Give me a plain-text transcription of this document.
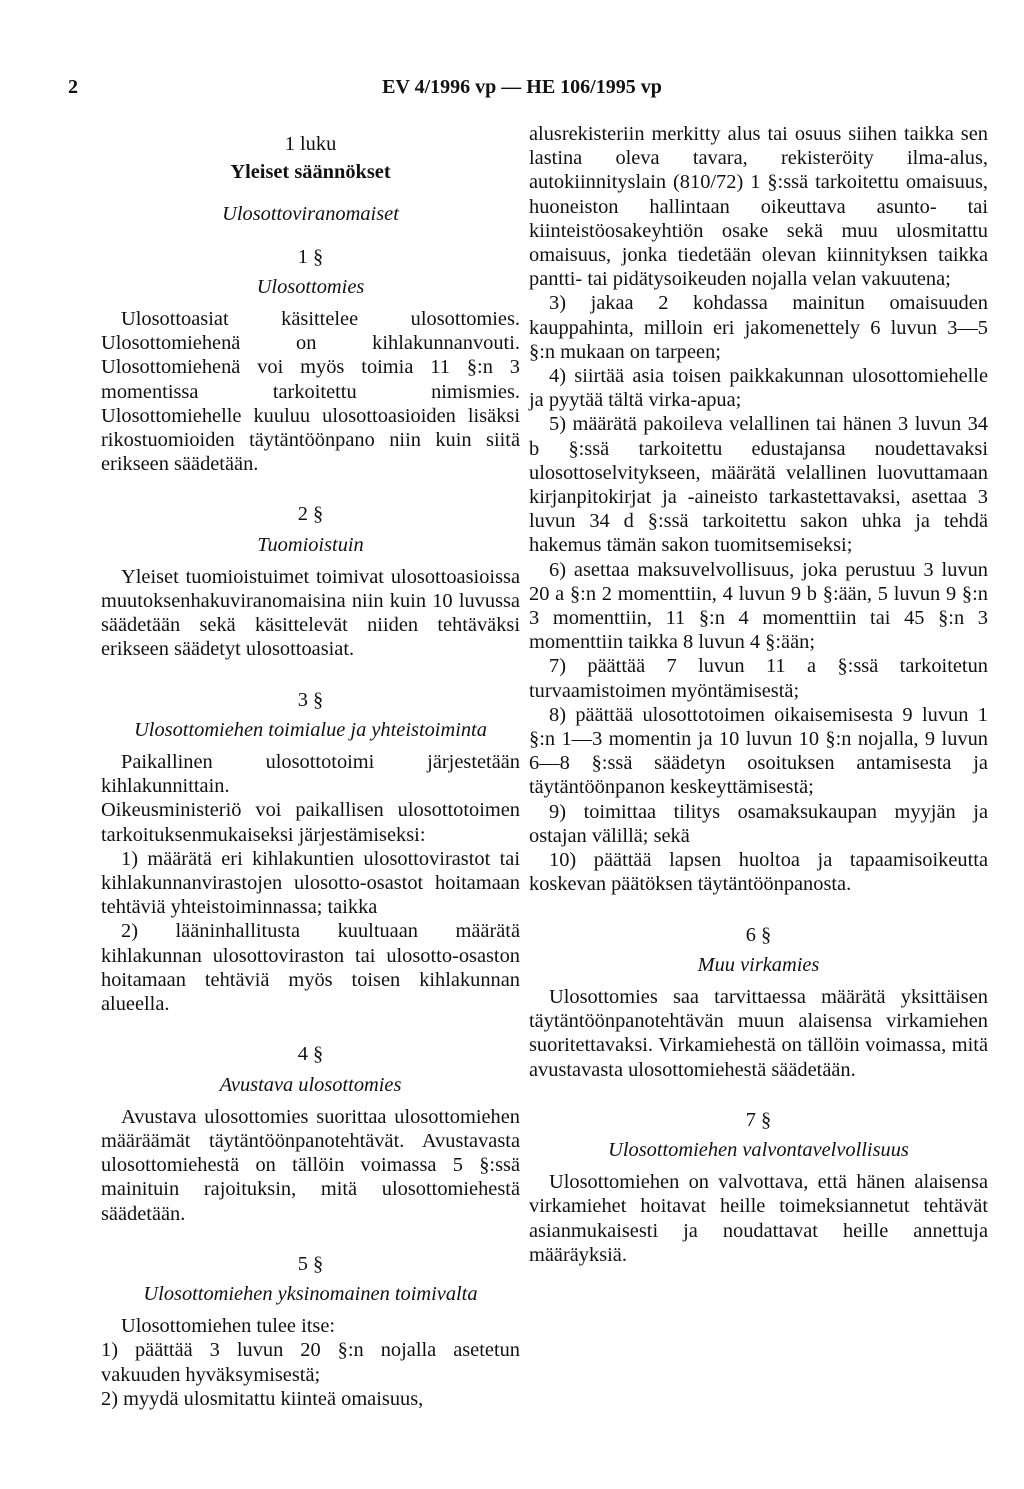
2	EV 4/1996 vp — HE 106/1995 vp

1 luku

Yleiset säännökset

Ulosottoviranomaiset

1 §

Ulosottomies

Ulosottoasiat käsittelee ulosottomies. Ulosottomiehenä on kihlakunnanvouti. Ulosottomiehenä voi myös toimia 11 §:n 3 momentissa tarkoitettu nimismies. Ulosottomiehelle kuuluu ulosottoasioiden lisäksi rikostuomioiden täytäntöönpano niin kuin siitä erikseen säädetään.

2 §

Tuomioistuin

Yleiset tuomioistuimet toimivat ulosottoasioissa muutoksenhakuviranomaisina niin kuin 10 luvussa säädetään sekä käsittelevät niiden tehtäväksi erikseen säädetyt ulosottoasiat.

3 §

Ulosottomiehen toimialue ja yhteistoiminta

Paikallinen ulosottotoimi järjestetään kihlakunnittain.

Oikeusministeriö voi paikallisen ulosottotoimen tarkoituksenmukaiseksi järjestämiseksi:

1) määrätä eri kihlakuntien ulosottovirastot tai kihlakunnanvirastojen ulosotto-osastot hoitamaan tehtäviä yhteistoiminnassa; taikka

2) lääninhallitusta kuultuaan määrätä kihlakunnan ulosottoviraston tai ulosotto-osaston hoitamaan tehtäviä myös toisen kihlakunnan alueella.

4 §

Avustava ulosottomies

Avustava ulosottomies suorittaa ulosottomiehen määräämät täytäntöönpanotehtävät. Avustavasta ulosottomiehestä on tällöin voimassa 5 §:ssä mainituin rajoituksin, mitä ulosottomiehestä säädetään.

5 §

Ulosottomiehen yksinomainen toimivalta

Ulosottomiehen tulee itse:

1) päättää 3 luvun 20 §:n nojalla asetetun vakuuden hyväksymisestä;

2) myydä ulosmitattu kiinteä omaisuus,

alusrekisteriin merkitty alus tai osuus siihen taikka sen lastina oleva tavara, rekisteröity ilma-alus, autokiinnityslain (810/72) 1 §:ssä tarkoitettu omaisuus, huoneiston hallintaan oikeuttava asunto- tai kiinteistöosakeyhtiön osake sekä muu ulosmitattu omaisuus, jonka tiedetään olevan kiinnityksen taikka pantti- tai pidätysoikeuden nojalla velan vakuutena;

3) jakaa 2 kohdassa mainitun omaisuuden kauppahinta, milloin eri jakomenettely 6 luvun 3—5 §:n mukaan on tarpeen;

4) siirtää asia toisen paikkakunnan ulosottomiehelle ja pyytää tältä virka-apua;

5) määrätä pakoileva velallinen tai hänen 3 luvun 34 b §:ssä tarkoitettu edustajansa noudettavaksi ulosottoselvitykseen, määrätä velallinen luovuttamaan kirjanpitokirjat ja -aineisto tarkastettavaksi, asettaa 3 luvun 34 d §:ssä tarkoitettu sakon uhka ja tehdä hakemus tämän sakon tuomitsemiseksi;

6) asettaa maksuvelvollisuus, joka perustuu 3 luvun 20 a §:n 2 momenttiin, 4 luvun 9 b §:ään, 5 luvun 9 §:n 3 momenttiin, 11 §:n 4 momenttiin tai 45 §:n 3 momenttiin taikka 8 luvun 4 §:ään;

7) päättää 7 luvun 11 a §:ssä tarkoitetun turvaamistoimen myöntämisestä;

8) päättää ulosottotoimen oikaisemisesta 9 luvun 1 §:n 1—3 momentin ja 10 luvun 10 §:n nojalla, 9 luvun 6—8 §:ssä säädetyn osoituksen antamisesta ja täytäntöönpanon keskeyttämisestä;

9) toimittaa tilitys osamaksukaupan myyjän ja ostajan välillä; sekä

10) päättää lapsen huoltoa ja tapaamisoikeutta koskevan päätöksen täytäntöönpanosta.

6 §

Muu virkamies

Ulosottomies saa tarvittaessa määrätä yksittäisen täytäntöönpanotehtävän muun alaisensa virkamiehen suoritettavaksi. Virkamiehestä on tällöin voimassa, mitä avustavasta ulosottomiehestä säädetään.

7 §

Ulosottomiehen valvontavelvollisuus

Ulosottomiehen on valvottava, että hänen alaisensa virkamiehet hoitavat heille toimeksiannetut tehtävät asianmukaisesti ja noudattavat heille annettuja määräyksiä.
